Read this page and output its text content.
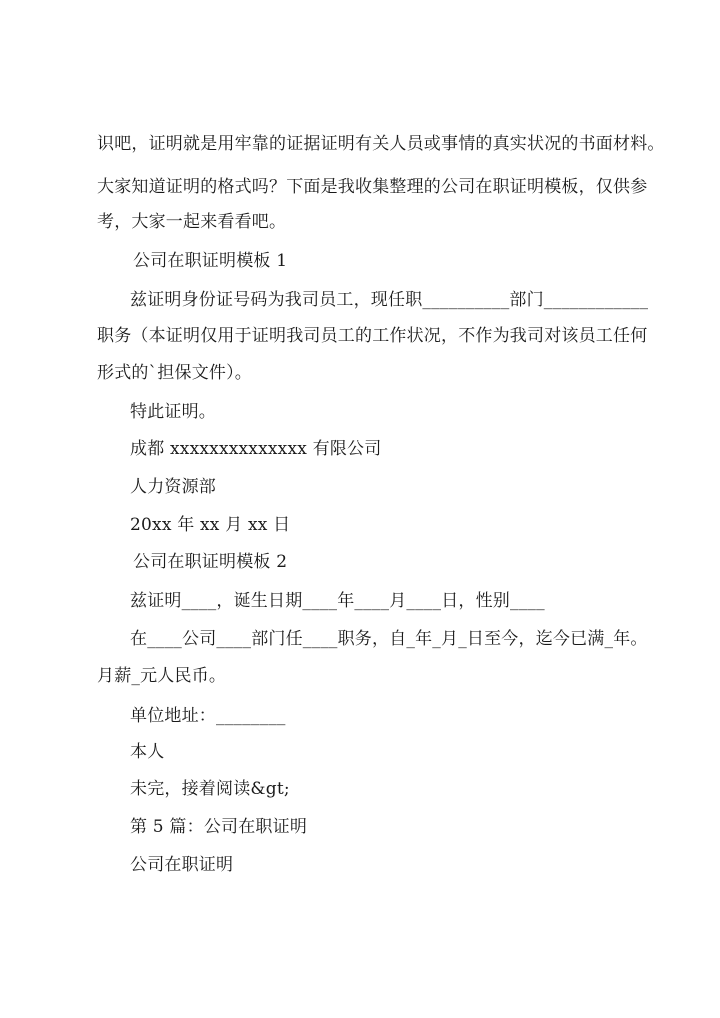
识吧，证明就是用牢靠的证据证明有关人员或事情的真实状况的书面材料。
大家知道证明的格式吗？下面是我收集整理的公司在职证明模板，仅供参
考，大家一起来看看吧。
公司在职证明模板 1
兹证明身份证号码为我司员工，现任职__________部门____________
职务（本证明仅用于证明我司员工的工作状况，不作为我司对该员工任何
形式的`担保文件）。
特此证明。
成都 xxxxxxxxxxxxxx 有限公司
人力资源部
20xx 年 xx 月 xx 日
公司在职证明模板 2
兹证明____，诞生日期____年____月____日，性别____
在____公司____部门任____职务，自_年_月_日至今，迄今已满_年。
月薪_元人民币。
单位地址：________
本人
未完，接着阅读&gt;
第 5 篇：公司在职证明
公司在职证明
